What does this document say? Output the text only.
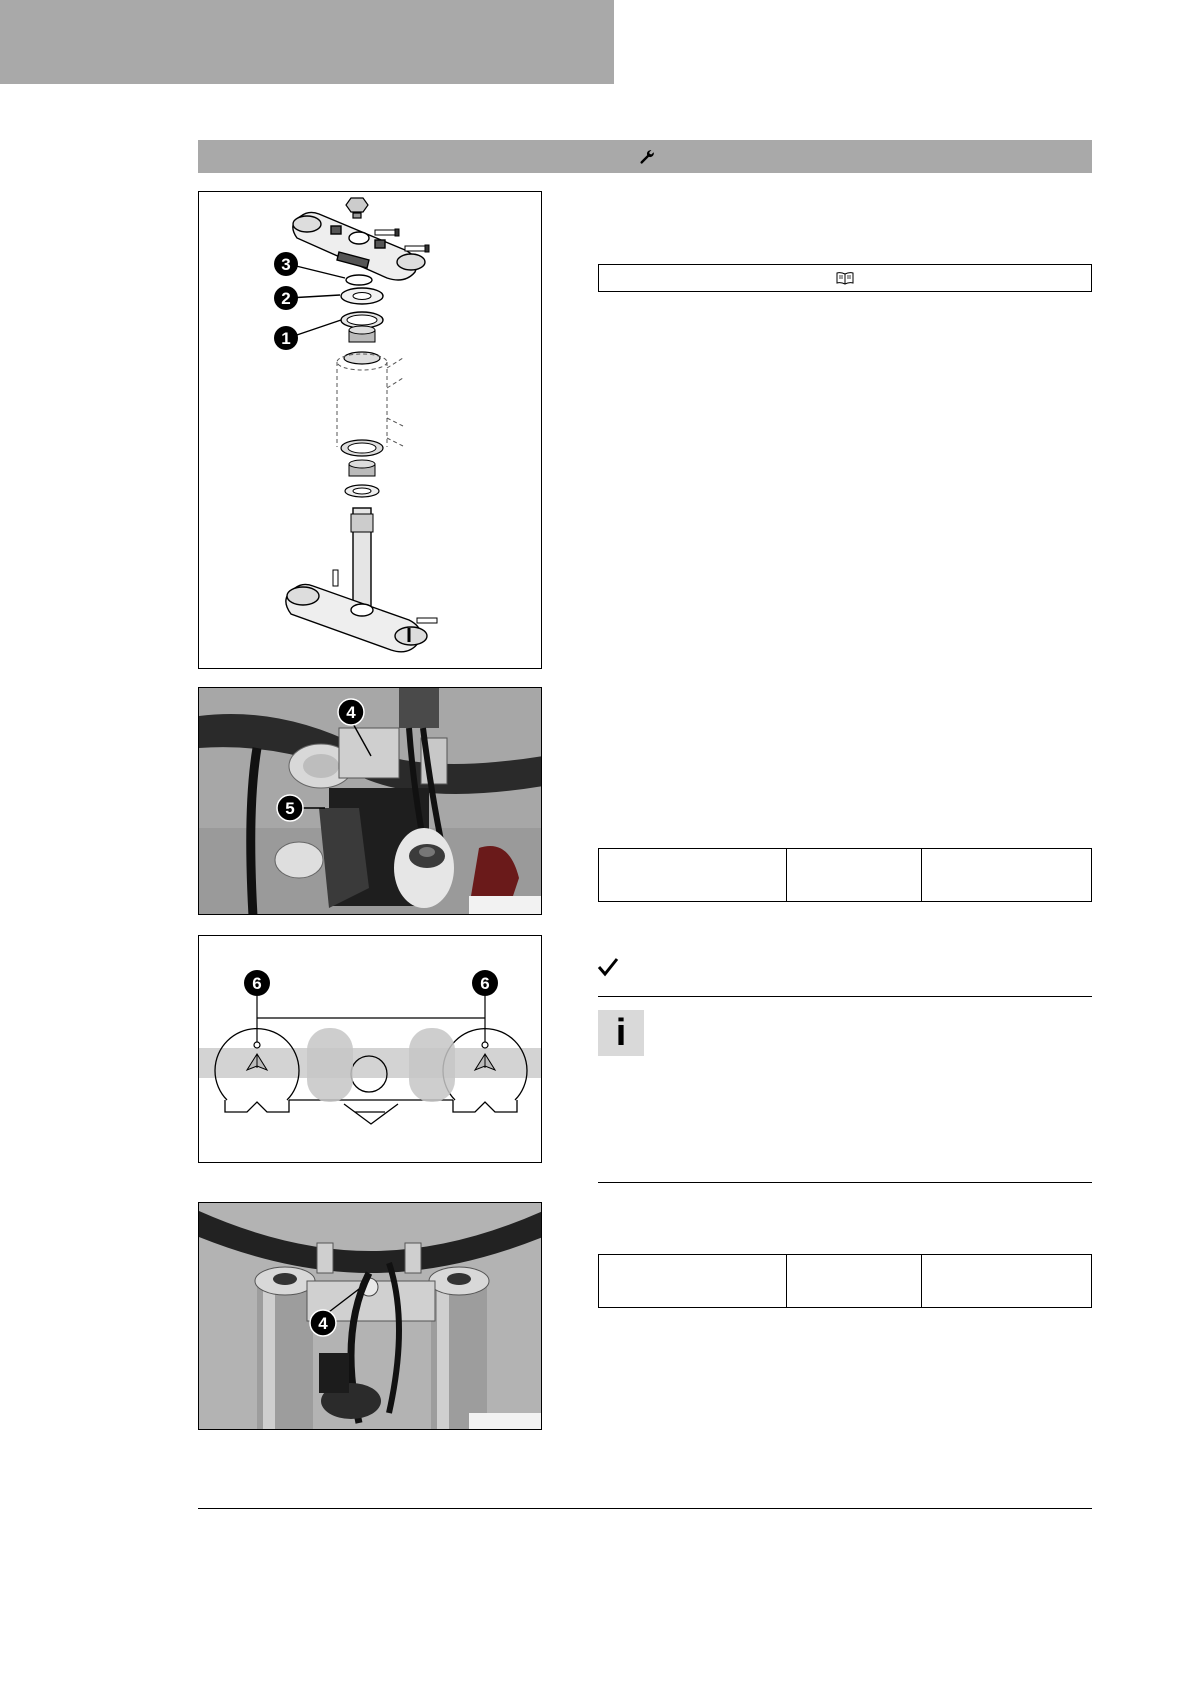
3
2
1
4
5
6	6
4

i
